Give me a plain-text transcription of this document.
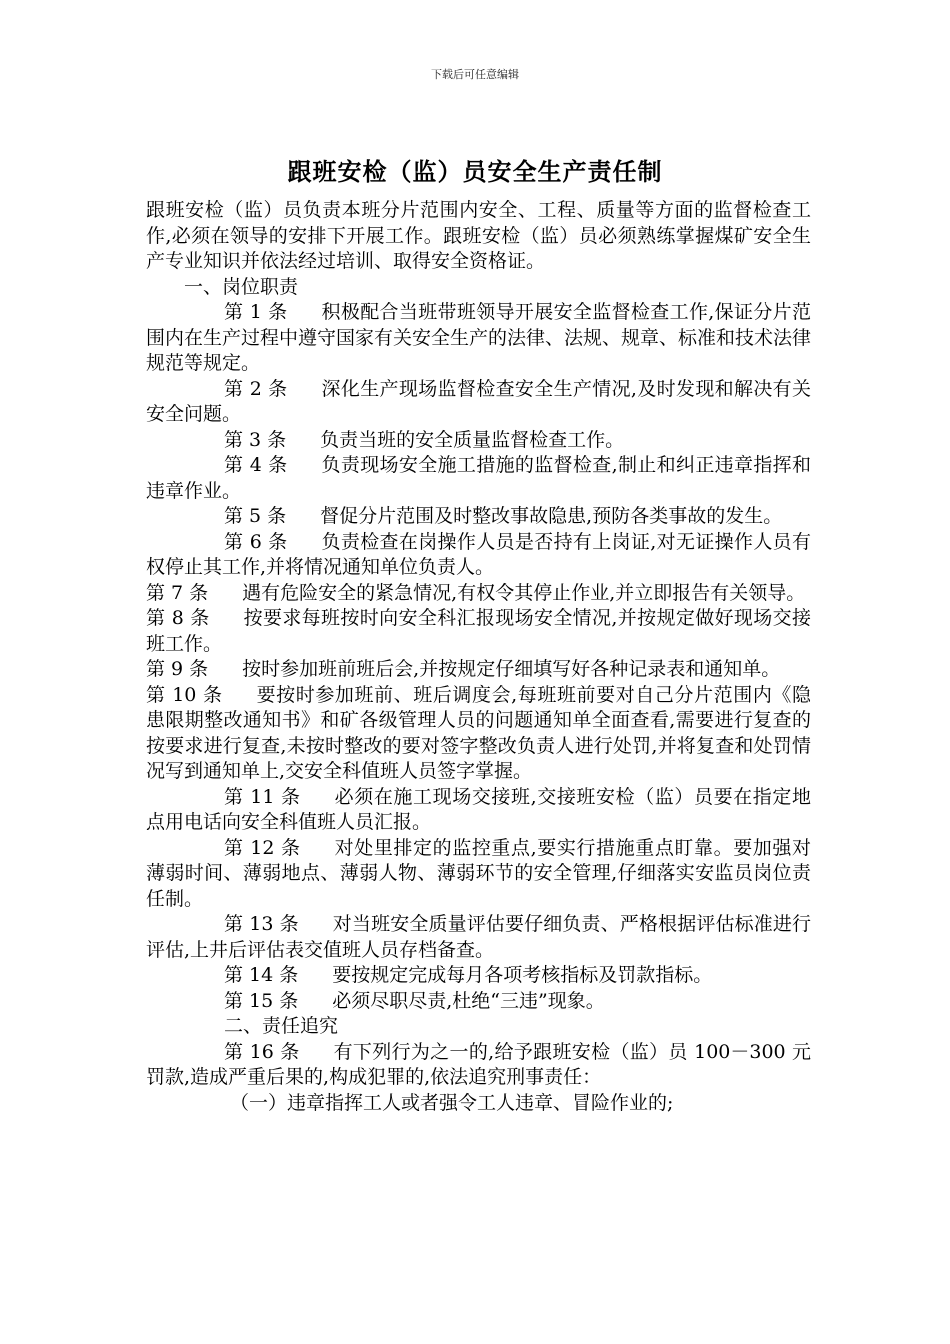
下载后可任意编辑
跟班安检（监）员安全生产责任制

跟班安检（监）员负责本班分片范围内安全、工程、质量等方面的监督检查工作,必须在领导的安排下开展工作。跟班安检（监）员必须熟练掌握煤矿安全生产专业知识并依法经过培训、取得安全资格证。

一、岗位职责

第 1 条 积极配合当班带班领导开展安全监督检查工作,保证分片范围内在生产过程中遵守国家有关安全生产的法律、法规、规章、标准和技术法律规范等规定。

第 2 条 深化生产现场监督检查安全生产情况,及时发现和解决有关安全问题。

第 3 条 负责当班的安全质量监督检查工作。

第 4 条 负责现场安全施工措施的监督检查,制止和纠正违章指挥和违章作业。

第 5 条 督促分片范围及时整改事故隐患,预防各类事故的发生。

第 6 条 负责检查在岗操作人员是否持有上岗证,对无证操作人员有权停止其工作,并将情况通知单位负责人。

第 7 条 遇有危险安全的紧急情况,有权令其停止作业,并立即报告有关领导。

第 8 条 按要求每班按时向安全科汇报现场安全情况,并按规定做好现场交接班工作。

第 9 条 按时参加班前班后会,并按规定仔细填写好各种记录表和通知单。

第 10 条 要按时参加班前、班后调度会,每班班前要对自己分片范围内《隐患限期整改通知书》和矿各级管理人员的问题通知单全面查看,需要进行复查的按要求进行复查,未按时整改的要对签字整改负责人进行处罚,并将复查和处罚情况写到通知单上,交安全科值班人员签字掌握。

第 11 条 必须在施工现场交接班,交接班安检（监）员要在指定地点用电话向安全科值班人员汇报。

第 12 条 对处里排定的监控重点,要实行措施重点盯靠。要加强对薄弱时间、薄弱地点、薄弱人物、薄弱环节的安全管理,仔细落实安监员岗位责任制。

第 13 条 对当班安全质量评估要仔细负责、严格根据评估标准进行评估,上井后评估表交值班人员存档备查。

第 14 条 要按规定完成每月各项考核指标及罚款指标。

第 15 条 必须尽职尽责,杜绝“三违”现象。

二、责任追究

第 16 条 有下列行为之一的,给予跟班安检（监）员 100－300 元罚款,造成严重后果的,构成犯罪的,依法追究刑事责任：

（一）违章指挥工人或者强令工人违章、冒险作业的;
